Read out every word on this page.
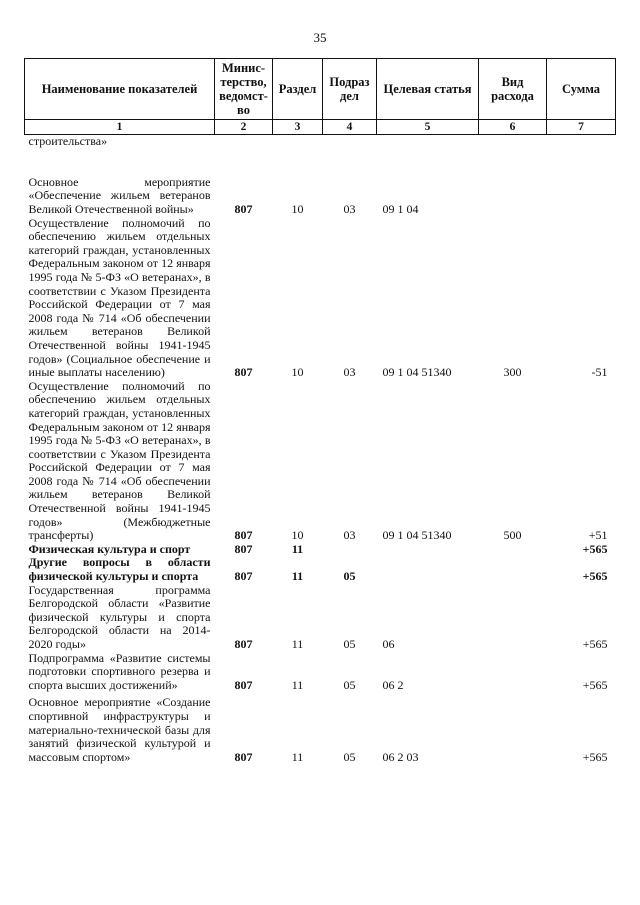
35
Наименование показателей	Минис-терство, ведомст-во	Раздел	Подраз дел	Целевая статья	Вид расхода	Сумма
1	2	3	4	5	6	7
строительства»						
Основное мероприятие «Обеспечение жильем ветеранов Великой Отечественной войны»	807	10	03	09 1 04		
Осуществление полномочий по обеспечению жильем отдельных категорий граждан, установленных Федеральным законом от 12 января 1995 года № 5-ФЗ «О ветеранах», в соответствии с Указом Президента Российской Федерации от 7 мая 2008 года № 714 «Об обеспечении жильем ветеранов Великой Отечественной войны 1941-1945 годов» (Социальное обеспечение и иные выплаты населению)	807	10	03	09 1 04 51340	300	-51
Осуществление полномочий по обеспечению жильем отдельных категорий граждан, установленных Федеральным законом от 12 января 1995 года № 5-ФЗ «О ветеранах», в соответствии с Указом Президента Российской Федерации от 7 мая 2008 года № 714 «Об обеспечении жильем ветеранов Великой Отечественной войны 1941-1945 годов» (Межбюджетные трансферты)	807	10	03	09 1 04 51340	500	+51
Физическая культура и спорт	807	11				+565
Другие вопросы в области физической культуры и спорта	807	11	05			+565
Государственная программа Белгородской области «Развитие физической культуры и спорта Белгородской области на 2014-2020 годы»	807	11	05	06		+565
Подпрограмма «Развитие системы подготовки спортивного резерва и спорта высших достижений»	807	11	05	06 2		+565
Основное мероприятие «Создание спортивной инфраструктуры и материально-технической базы для занятий физической культурой и массовым спортом»	807	11	05	06 2 03		+565
